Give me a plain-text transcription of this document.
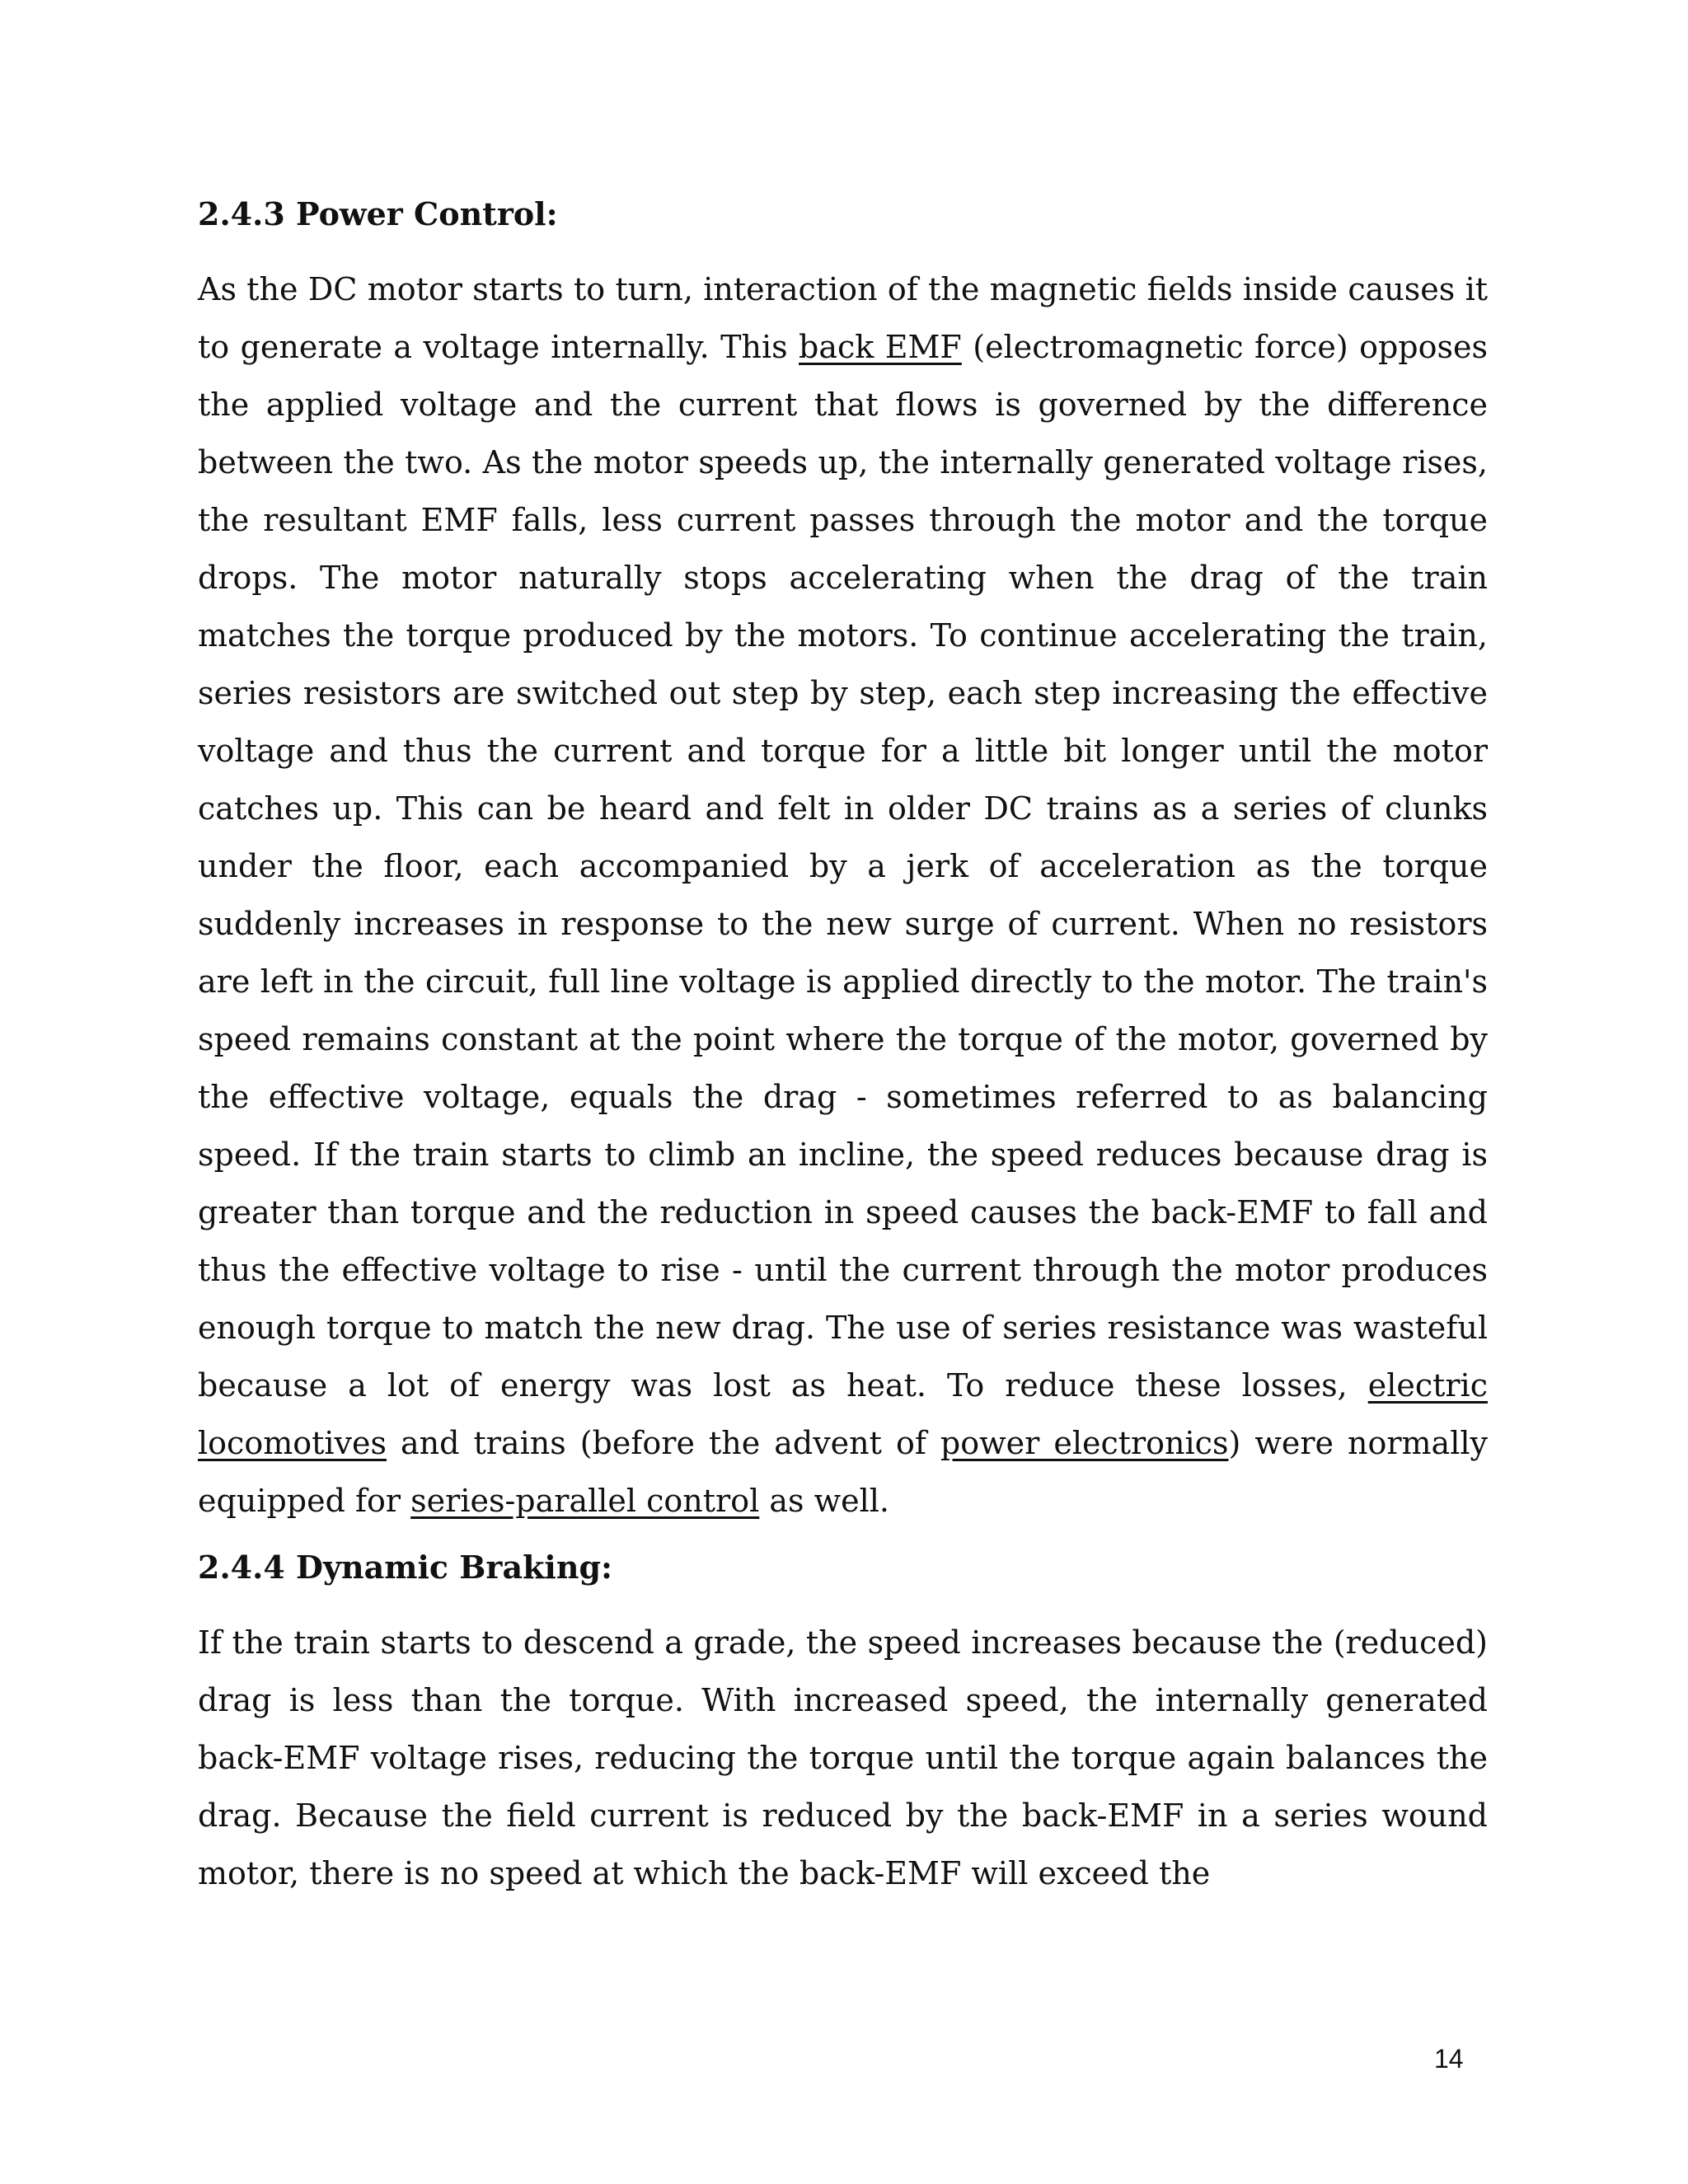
2.4.3 Power Control:

As the DC motor starts to turn, interaction of the magnetic fields inside causes it to generate a voltage internally. This back EMF (electromagnetic force) opposes the applied voltage and the current that flows is governed by the difference between the two. As the motor speeds up, the internally generated voltage rises, the resultant EMF falls, less current passes through the motor and the torque drops. The motor naturally stops accelerating when the drag of the train matches the torque produced by the motors. To continue accelerating the train, series resistors are switched out step by step, each step increasing the effective voltage and thus the current and torque for a little bit longer until the motor catches up. This can be heard and felt in older DC trains as a series of clunks under the floor, each accompanied by a jerk of acceleration as the torque suddenly increases in response to the new surge of current. When no resistors are left in the circuit, full line voltage is applied directly to the motor. The train's speed remains constant at the point where the torque of the motor, governed by the effective voltage, equals the drag - sometimes referred to as balancing speed. If the train starts to climb an incline, the speed reduces because drag is greater than torque and the reduction in speed causes the back-EMF to fall and thus the effective voltage to rise - until the current through the motor produces enough torque to match the new drag. The use of series resistance was wasteful because a lot of energy was lost as heat. To reduce these losses, electric locomotives and trains (before the advent of power electronics) were normally equipped for series-parallel control as well.

2.4.4 Dynamic Braking:

If the train starts to descend a grade, the speed increases because the (reduced) drag is less than the torque. With increased speed, the internally generated back-EMF voltage rises, reducing the torque until the torque again balances the drag. Because the field current is reduced by the back-EMF in a series wound motor, there is no speed at which the back-EMF will exceed the

14
